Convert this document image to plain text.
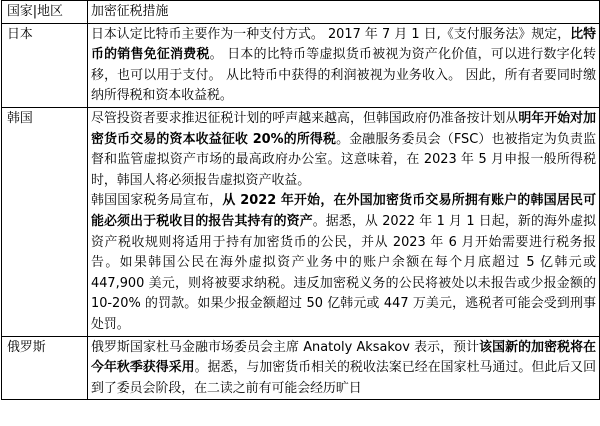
国家|地区	加密征税措施
日本	日本认定比特币主要作为一种支付方式。 2017 年 7 月 1 日,《支付服务法》规定，比特币的销售免征消费税。 日本的比特币等虚拟货币被视为资产化价值，可以进行数字化转移，也可以用于支付。 从比特币中获得的利润被视为业务收入。 因此，所有者要同时缴纳所得税和资本收益税。

韩国	尽管投资者要求推迟征税计划的呼声越来越高，但韩国政府仍准备按计划从明年开始对加密货币交易的资本收益征收 20%的所得税。金融服务委员会（FSC）也被指定为负责监督和监管虚拟资产市场的最高政府办公室。这意味着，在 2023 年 5 月申报一般所得税时，韩国人将必须报告虚拟资产收益。

韩国国家税务局宣布，从 2022 年开始，在外国加密货币交易所拥有账户的韩国居民可能必须出于税收目的报告其持有的资产。据悉，从 2022 年 1 月 1 日起，新的海外虚拟资产税收规则将适用于持有加密货币的公民，并从 2023 年 6 月开始需要进行税务报告。如果韩国公民在海外虚拟资产业务中的账户余额在每个月底超过 5 亿韩元或 447,900 美元，则将被要求纳税。违反加密税义务的公民将被处以未报告或少报金额的 10-20% 的罚款。如果少报金额超过 50 亿韩元或 447 万美元，逃税者可能会受到刑事处罚。

俄罗斯	俄罗斯国家杜马金融市场委员会主席 Anatoly Aksakov 表示，预计该国新的加密税将在今年秋季获得采用。据悉，与加密货币相关的税收法案已经在国家杜马通过。但此后又回到了委员会阶段，在二读之前有可能会经历旷日
